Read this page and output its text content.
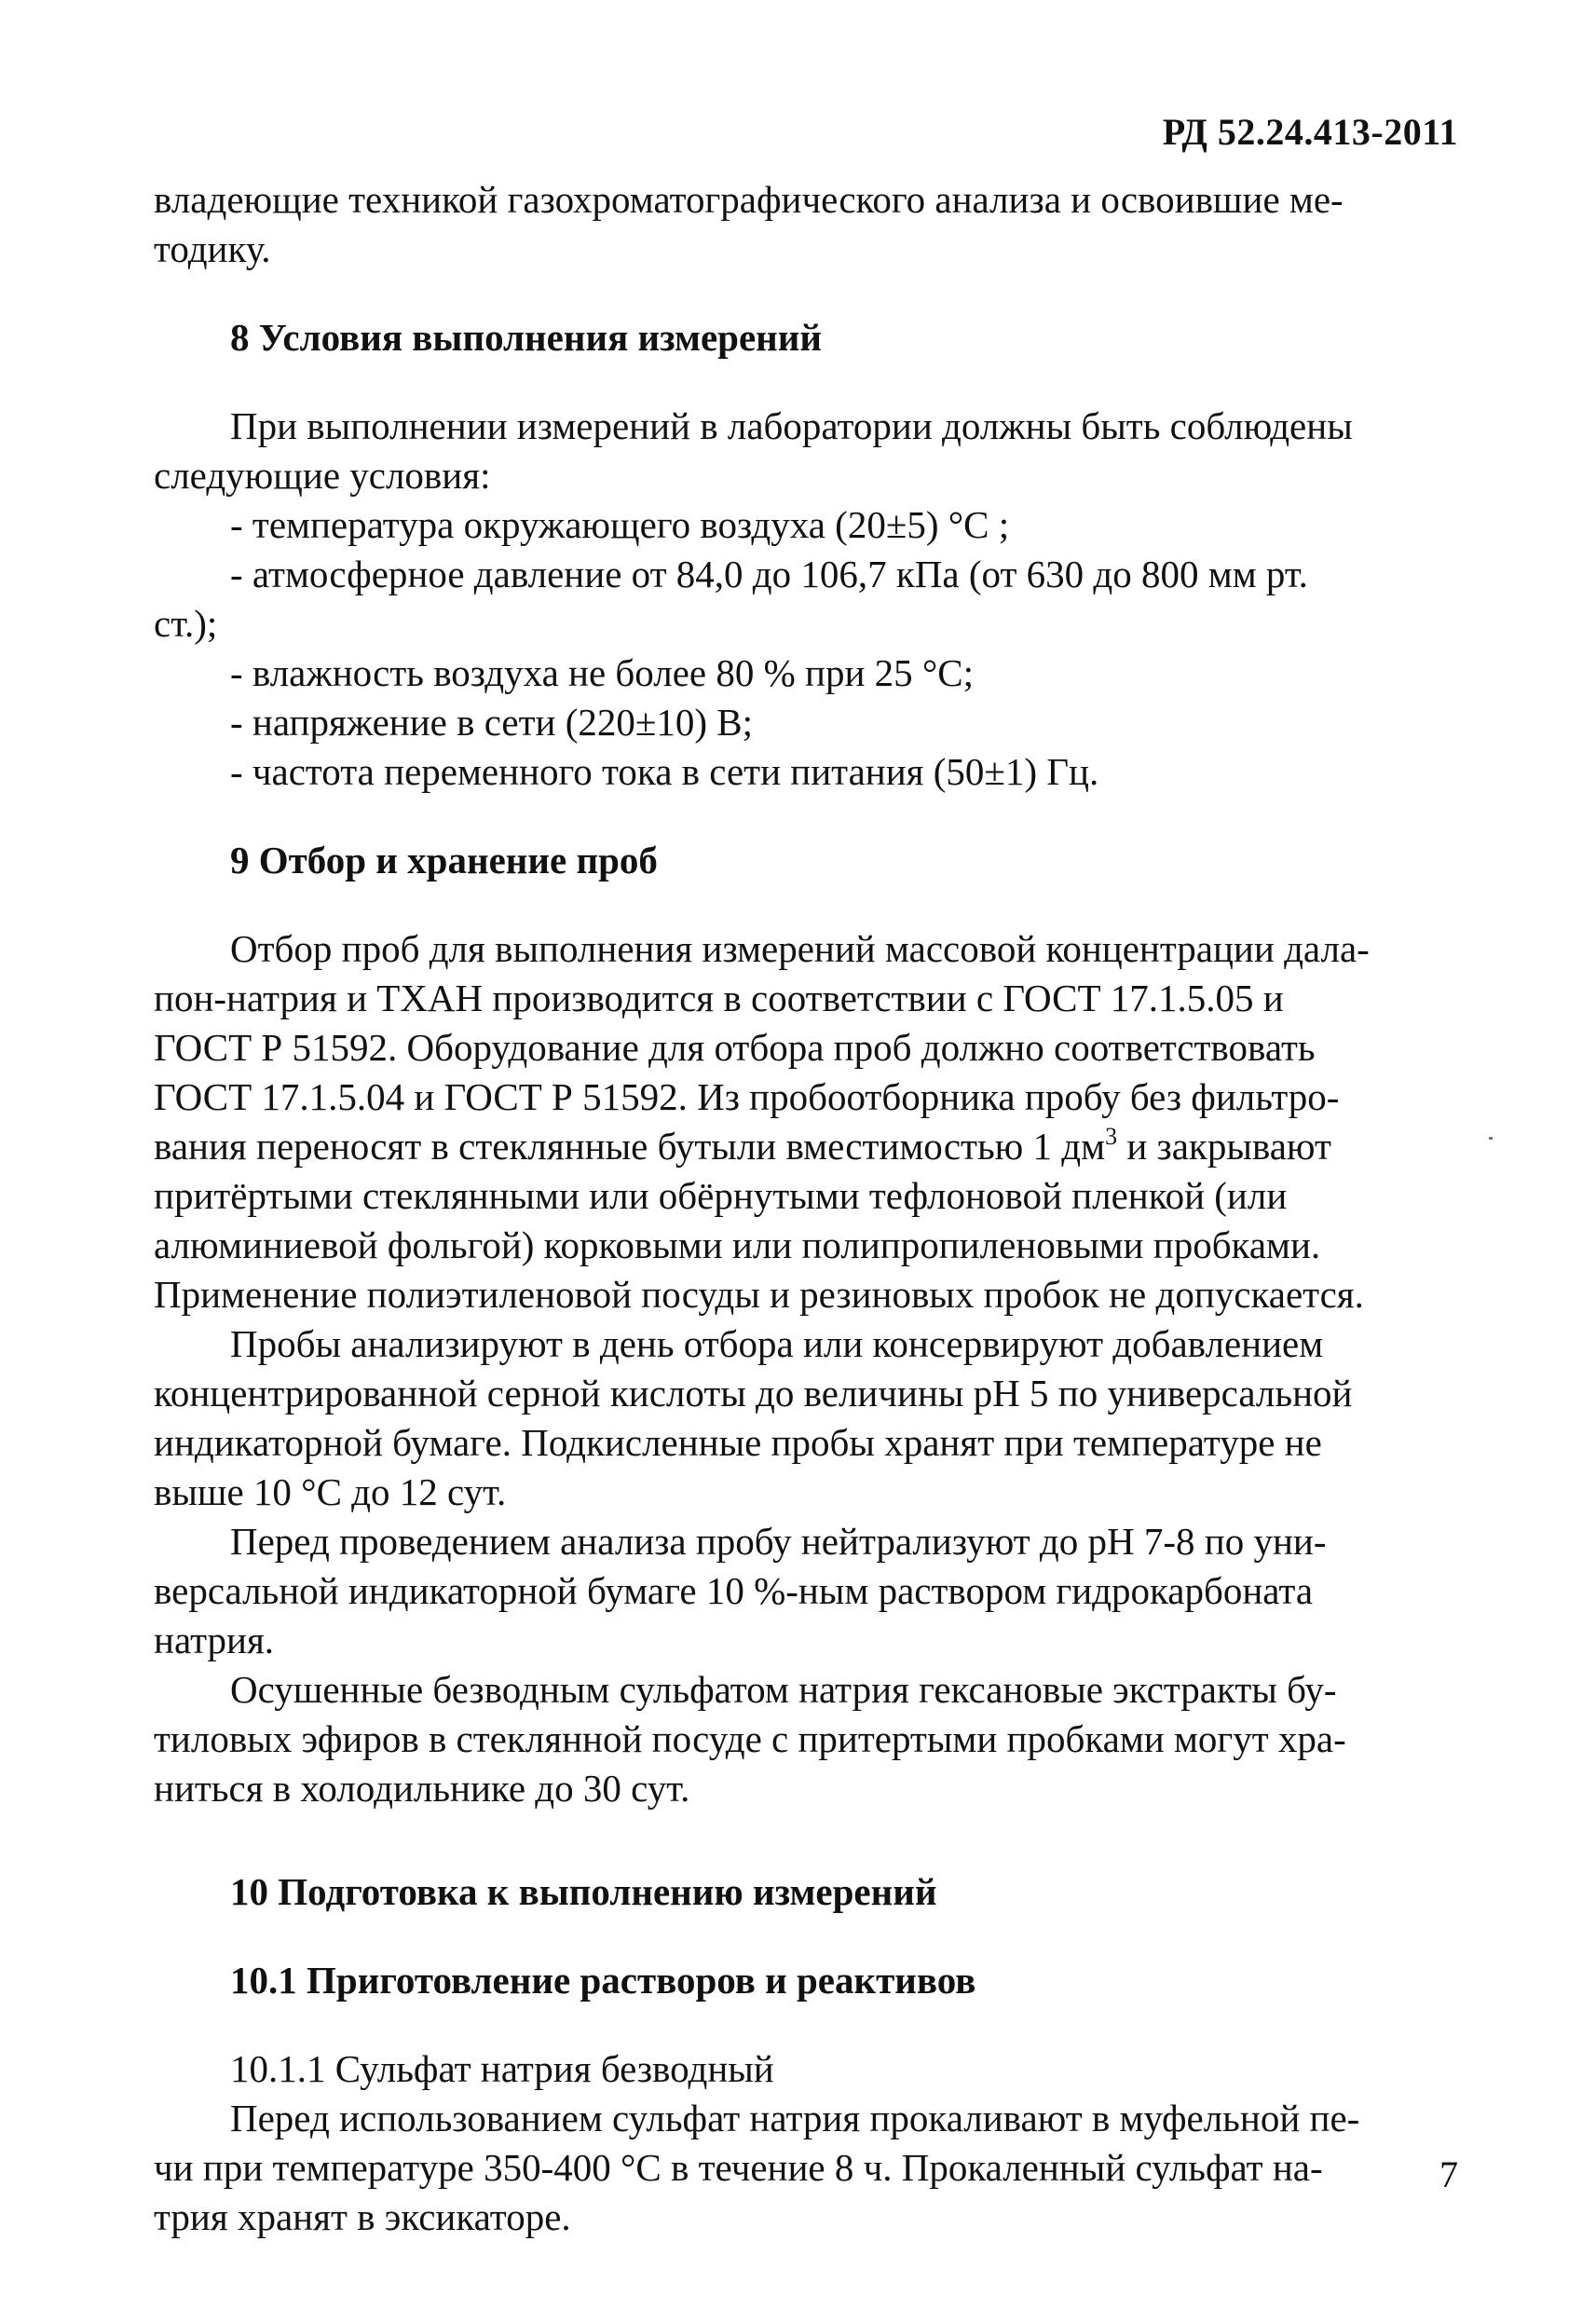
РД 52.24.413-2011

владеющие техникой газохроматографического анализа и освоившие ме-

тодику.

8 Условия выполнения измерений

При выполнении измерений в лаборатории должны быть соблюдены

следующие условия:

- температура окружающего воздуха (20±5) °С ;

- атмосферное давление от 84,0 до 106,7 кПа (от 630 до 800 мм рт.

ст.);

- влажность воздуха не более 80 % при 25 °С;

- напряжение в сети (220±10) В;

- частота переменного тока в сети питания (50±1) Гц.

9 Отбор и хранение проб

Отбор проб для выполнения измерений массовой концентрации дала-

пон-натрия и ТХАН производится в соответствии с ГОСТ 17.1.5.05 и

ГОСТ Р 51592. Оборудование для отбора проб должно соответствовать

ГОСТ 17.1.5.04 и ГОСТ Р 51592. Из пробоотборника пробу без фильтро-

вания переносят в стеклянные бутыли вместимостью 1 $дм^3$ и закрывают

притёртыми стеклянными или обёрнутыми тефлоновой пленкой (или

алюминиевой фольгой) корковыми или полипропиленовыми пробками.

Применение полиэтиленовой посуды и резиновых пробок не допускается.

Пробы анализируют в день отбора или консервируют добавлением

концентрированной серной кислоты до величины рН 5 по универсальной

индикаторной бумаге. Подкисленные пробы хранят при температуре не

выше 10 °С до 12 сут.

Перед проведением анализа пробу нейтрализуют до рН 7-8 по уни-

версальной индикаторной бумаге 10 %-ным раствором гидрокарбоната

натрия.

Осушенные безводным сульфатом натрия гексановые экстракты бу-

тиловых эфиров в стеклянной посуде с притертыми пробками могут хра-

ниться в холодильнике до 30 сут.

10 Подготовка к выполнению измерений
10.1 Приготовление растворов и реактивов

10.1.1 Сульфат натрия безводный

Перед использованием сульфат натрия прокаливают в муфельной пе-

чи при температуре 350-400 °С в течение 8 ч. Прокаленный сульфат на-

трия хранят в эксикаторе.

7
